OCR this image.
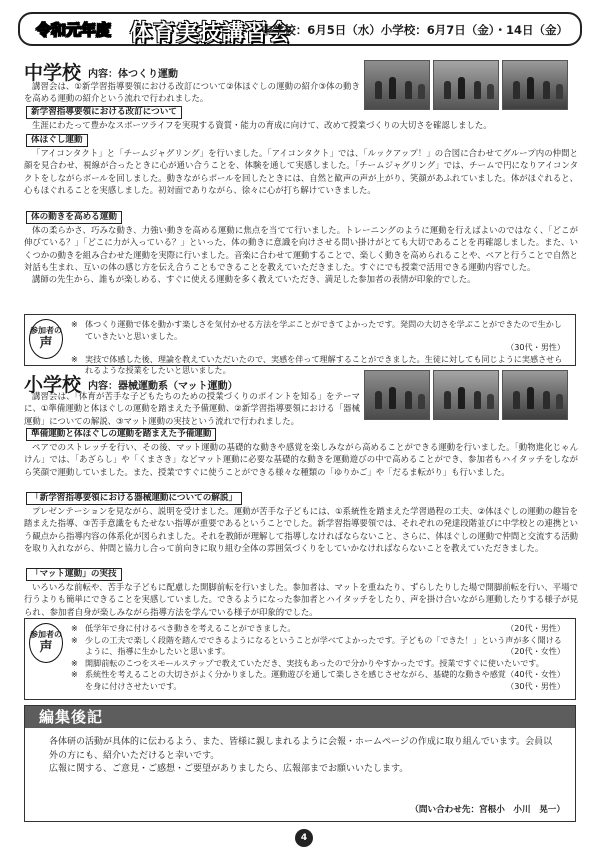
令和元年度 体育実技講習会
中学校：6月5日（水）小学校：6月7日（金）・14日（金）
中学校 内容：体つくり運動

講習会は、①新学習指導要領における改訂について②体ほぐしの運動の紹介③体の動きを高める運動の紹介という流れで行われました。

新学習指導要領における改訂について

生涯にわたって豊かなスポーツライフを実現する資質・能力の育成に向けて、改めて授業づくりの大切さを確認しました。

体ほぐし運動

「アイコンタクト」と「チームジャグリング」を行いました。「アイコンタクト」では、「ルックアップ！」の合図に合わせてグループ内の仲間と顔を見合わせ、視線が合ったときに心が通い合うことを、体験を通して実感しました。「チームジャグリング」では、チームで円になりアイコンタクトをしながらボールを回しました。動きながらボールを回したときには、自然と歓声の声が上がり、笑顔があふれていました。体がほぐれると、心もほぐれることを実感しました。初対面でありながら、徐々に心が打ち解けていきました。

体の動きを高める運動

体の柔らかさ、巧みな動き、力強い動きを高める運動に焦点を当てて行いました。トレーニングのように運動を行えばよいのではなく、「どこが伸びている？」「どこに力が入っている？」といった、体の動きに意識を向けさせる問い掛けがとても大切であることを再確認しました。また、いくつかの動きを組み合わせた運動を実際に行いました。音楽に合わせて運動することで、楽しく動きを高められることや、ペアと行うことで自然と対話も生まれ、互いの体の感じ方を伝え合うこともできることを教えていただきました。すぐにでも授業で活用できる運動内容でした。

講師の先生から、誰もが楽しめる、すぐに使える運動を多く教えていただき、満足した参加者の表情が印象的でした。

参加者の
声
※ 体つくり運動で体を動かす楽しさを気付かせる方法を学ぶことができてよかったです。発問の大切さを学ぶことができたので生かしていきたいと思いました。
（30代・男性）
※ 実技で体感した後、理論を教えていただいたので、実感を伴って理解することができました。生徒に対しても同じように実感させられるような授業をしたいと思いました。
小学校 内容：器械運動系（マット運動）

講習会は、「体育が苦手な子どもたちのための授業づくりのポイントを知る」をテーマに、①準備運動と体ほぐしの運動を踏まえた予備運動、②新学習指導要領における「器械運動」についての解説、③マット運動の実技という流れで行われました。

準備運動と体ほぐしの運動を踏まえた予備運動

ペアでのストレッチを行い、その後、マット運動の基礎的な動きや感覚を楽しみながら高めることができる運動を行いました。「動物進化じゃんけん」では、「あざらし」や「くまさき」などマット運動に必要な基礎的な動きを運動遊びの中で高めることができ、参加者もハイタッチをしながら笑顔で運動していました。また、授業ですぐに使うことができる様々な種類の「ゆりかご」や「だるま転がり」も行いました。

「新学習指導要領における器械運動についての解説」

プレゼンテーションを見ながら、説明を受けました。運動が苦手な子どもには、①系統性を踏まえた学習過程の工夫、②体ほぐしの運動の趣旨を踏まえた指導、③苦手意識をもたせない指導が重要であるということでした。新学習指導要領では、それぞれの発達段階並びに中学校との連携という観点から指導内容の体系化が図られました。それを教師が理解して指導しなければならないこと、さらに、体ほぐしの運動で仲間と交流する活動を取り入れながら、仲間と協力し合って前向きに取り組む全体の雰囲気づくりをしていかなければならないことを教えていただきました。

「マット運動」の実技

いろいろな前転や、苦手な子どもに配慮した開脚前転を行いました。参加者は、マットを重ねたり、ずらしたりした場で開脚前転を行い、平場で行うよりも簡単にできることを実感していました。できるようになった参加者とハイタッチをしたり、声を掛け合いながら運動したりする様子が見られ、参加者自身が楽しみながら指導方法を学んでいる様子が印象的でした。

参加者の
声
※ 低学年で身に付けるべき動きを考えることができました。	（20代・男性）
※ 少しの工夫で楽しく段階を踏んでできるようになるということが学べてよかったです。子どもの「できた！」という声が多く聞けるように、指導に生かしたいと思います。	（20代・女性）
※ 開脚前転のこつをスモールステップで教えていただき、実技もあったので分かりやすかったです。授業ですぐに使いたいです。
（40代・女性）
※ 系統性を考えることの大切さがよく分かりました。運動遊びを通して楽しさを感じさせながら、基礎的な動きや感覚を身に付けさせたいです。	（30代・男性）
編集後記

各体研の活動が具体的に伝わるよう、また、皆様に親しまれるように会報・ホームページの作成に取り組んでいます。会員以外の方にも、紹介いただけると幸いです。

広報に関する、ご意見・ご感想・ご要望がありましたら、広報部までお願いいたします。

（問い合わせ先：宮根小　小川　晃一）
4
